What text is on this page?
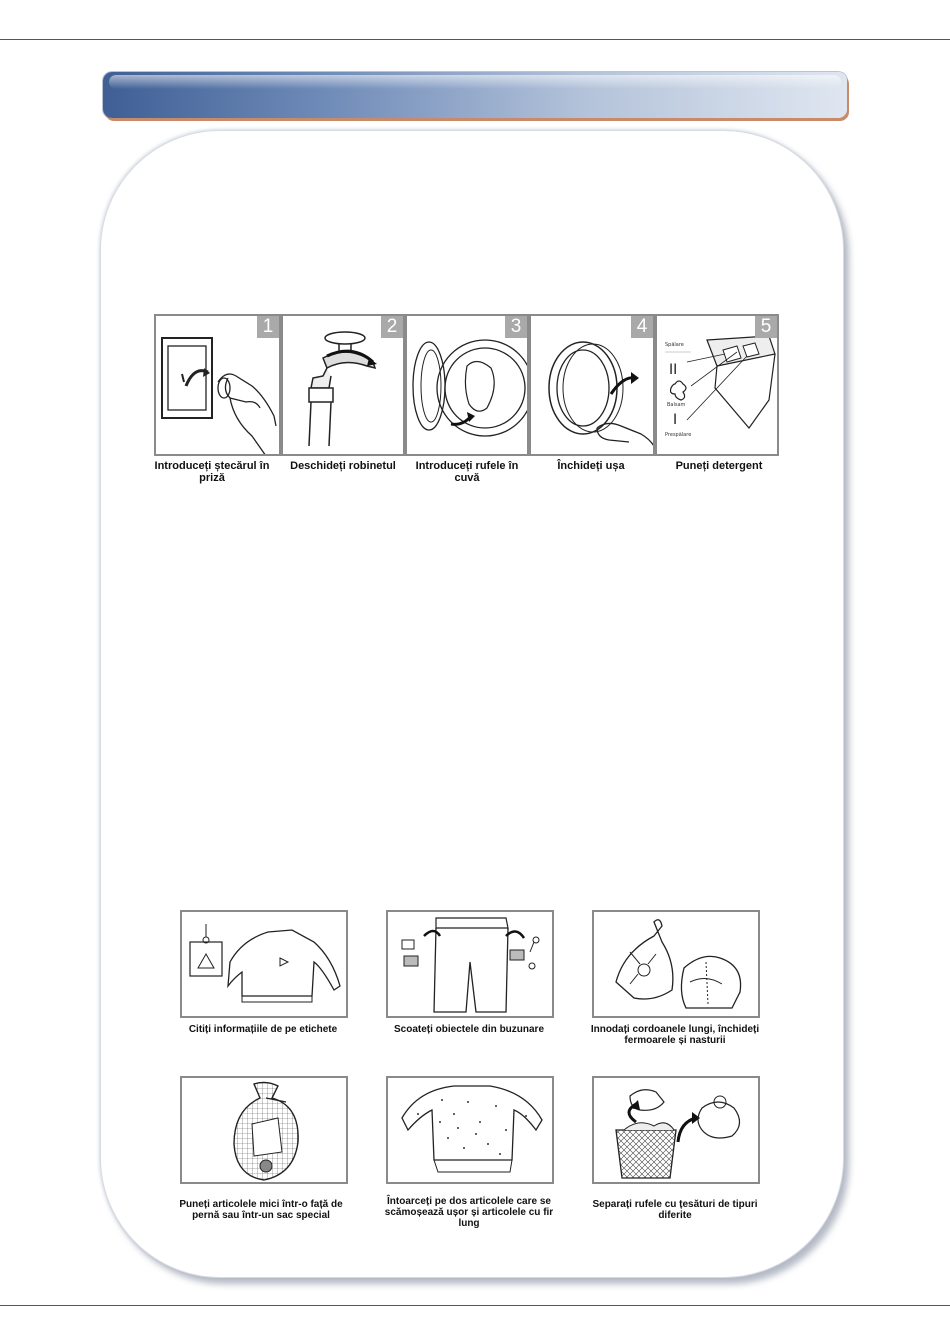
1
Introduceți ștecărul în priză
2
Deschideți robinetul
3
Introduceți rufele în cuvă
4
Închideți ușa
Spălare
II
Balsam
I
Prespălare
5
Puneți detergent
Citiți informațiile de pe etichete	Scoateți obiectele din buzunare	Innodați cordoanele lungi, închideți fermoarele și nasturii
Puneți articolele mici într-o față de pernă sau într-un sac special
Întoarceți pe dos articolele care se scămoșează ușor și articolele cu fir lung
Separați rufele cu țesături de tipuri diferite
